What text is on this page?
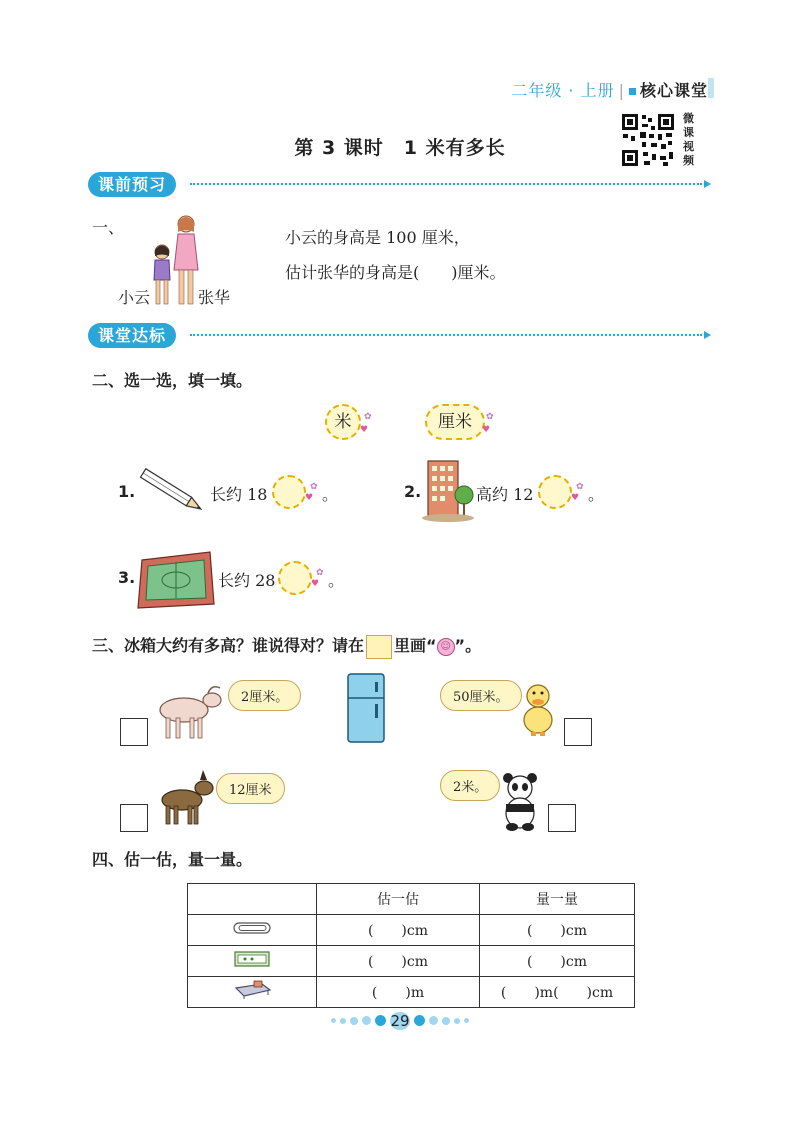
二年级 · 上册 | 核心课堂
第 3 课时　1 米有多长
微课视频
课前预习
一、
小云	张华
小云的身高是 100 厘米，
估计张华的身高是(　　)厘米。
课堂达标
二、选一选，填一填。
米 ♥
✿	厘米	♥
✿
1.	长约 18	♥
✿ 。	2.	高约 12	♥
✿ 。
3.	长约 28	♥
✿ 。
三、冰箱大约有多高？谁说得对？请在 里画“ ☺ ”。
2厘米。	50厘米。
12厘米	2米。
四、估一估，量一量。
	估一估	量一量
	(　　)cm	(　　)cm
	(　　)cm	(　　)cm
	(　　)m	(　　)m(　　)cm
29
